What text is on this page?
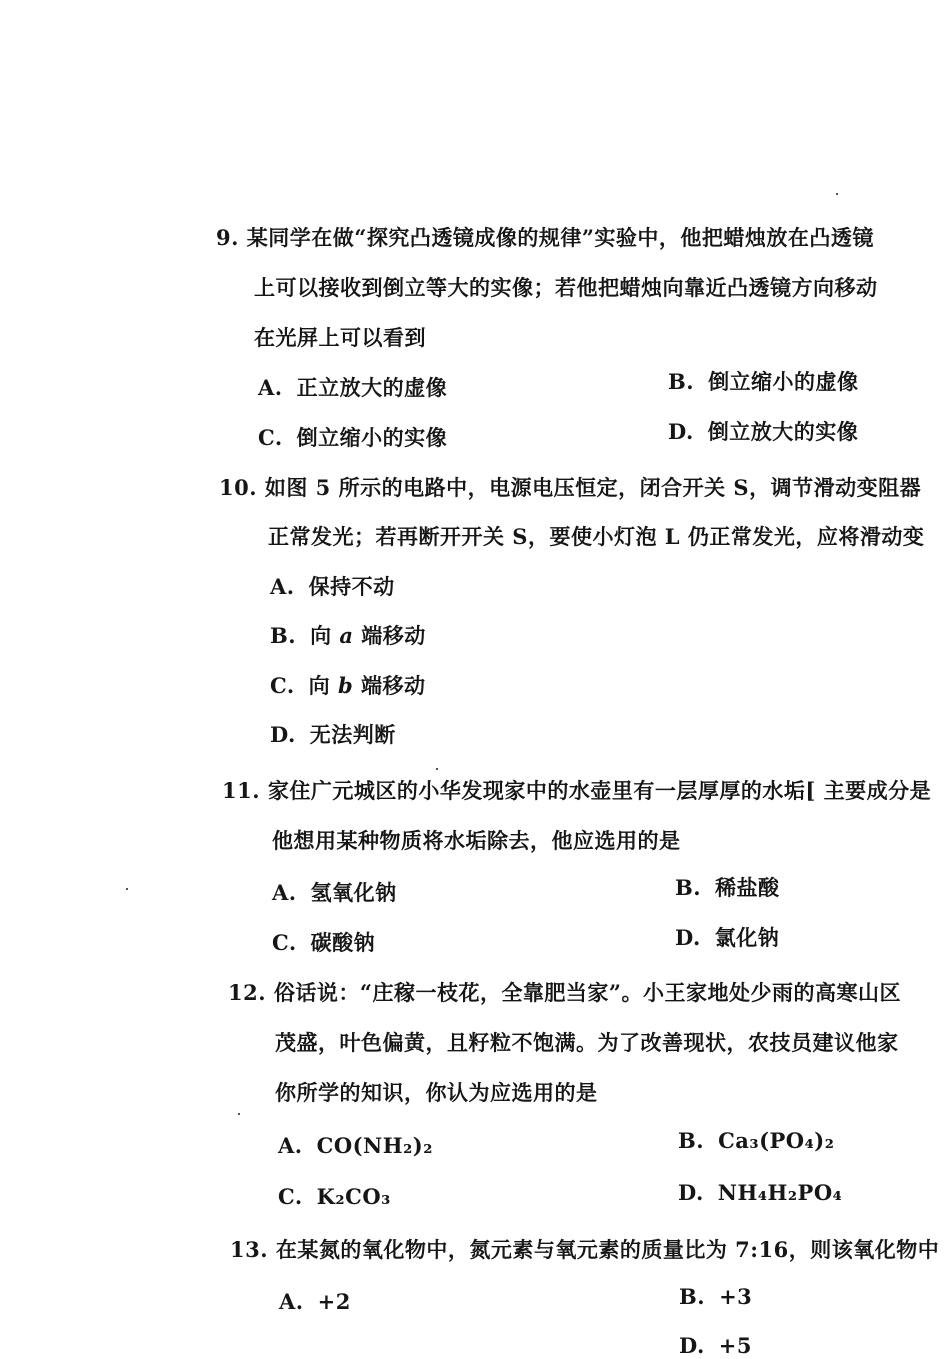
9. 某同学在做“探究凸透镜成像的规律”实验中，他把蜡烛放在凸透镜
上可以接收到倒立等大的实像；若他把蜡烛向靠近凸透镜方向移动
在光屏上可以看到
A. 正立放大的虚像	B. 倒立缩小的虚像
C. 倒立缩小的实像	D. 倒立放大的实像
10. 如图 5 所示的电路中，电源电压恒定，闭合开关 S，调节滑动变阻器
正常发光；若再断开开关 S，要使小灯泡 L 仍正常发光，应将滑动变
A. 保持不动
B. 向 a 端移动
C. 向 b 端移动
D. 无法判断
11. 家住广元城区的小华发现家中的水壶里有一层厚厚的水垢[ 主要成分是
他想用某种物质将水垢除去，他应选用的是
A. 氢氧化钠	B. 稀盐酸
C. 碳酸钠	D. 氯化钠
12. 俗话说：“庄稼一枝花，全靠肥当家”。小王家地处少雨的高寒山区
茂盛，叶色偏黄，且籽粒不饱满。为了改善现状，农技员建议他家
你所学的知识，你认为应选用的是
A. CO(NH₂)₂	B. Ca₃(PO₄)₂
C. K₂CO₃	D. NH₄H₂PO₄
13. 在某氮的氧化物中，氮元素与氧元素的质量比为 7:16，则该氧化物中
A. +2	B. +3
D. +5
